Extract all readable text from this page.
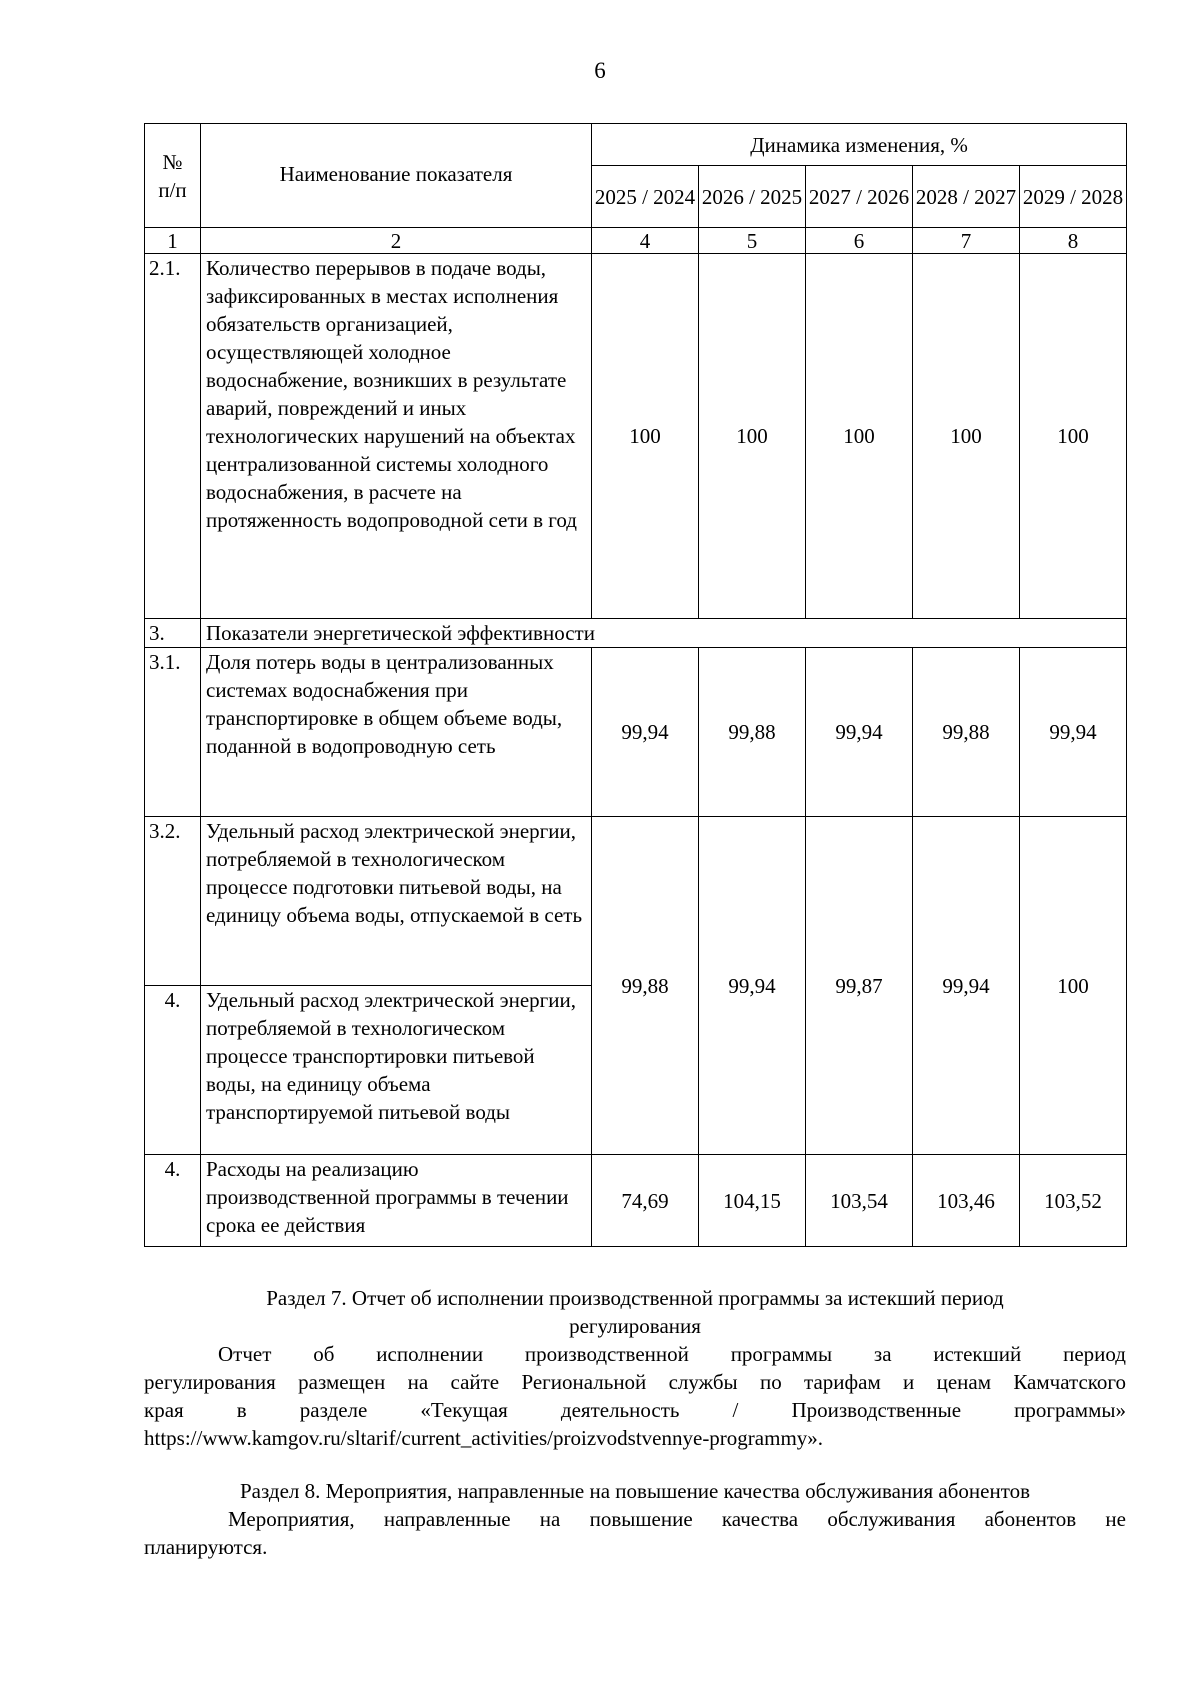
6
№ п/п	Наименование показателя	Динамика изменения, %				
		2025 / 2024	2026 / 2025	2027 / 2026	2028 / 2027	2029 / 2028
1	2	4	5	6	7	8
2.1.	Количество перерывов в подаче воды, зафиксированных в местах исполнения обязательств организацией, осуществляющей холодное водоснабжение, возникших в результате аварий, повреждений и иных технологических нарушений на объектах централизованной системы холодного водоснабжения, в расчете на протяженность водопроводной сети в год	100	100	100	100	100
3.	Показатели энергетической эффективности					
3.1.	Доля потерь воды в централизованных системах водоснабжения при транспортировке в общем объеме воды, поданной в водопроводную сеть	99,94	99,88	99,94	99,88	99,94
3.2.	Удельный расход электрической энергии, потребляемой в технологическом процессе подготовки питьевой воды, на единицу объема воды, отпускаемой в сеть	99,88	99,94	99,87	99,94	100
4.	Удельный расход электрической энергии, потребляемой в технологическом процессе транспортировки питьевой воды, на единицу объема транспортируемой питьевой воды					
4.	Расходы на реализацию производственной программы в течении срока ее действия	74,69	104,15	103,54	103,46	103,52
Раздел 7. Отчет об исполнении производственной программы за истекший период
регулирования
Отчет об исполнении производственной программы за истекший период
регулирования размещен на сайте Региональной службы по тарифам и ценам Камчатского
края в разделе «Текущая деятельность / Производственные программы»
https://www.kamgov.ru/sltarif/current_activities/proizvodstvennye-programmy».
Раздел 8. Мероприятия, направленные на повышение качества обслуживания абонентов
Мероприятия, направленные на повышение качества обслуживания абонентов не
планируются.
